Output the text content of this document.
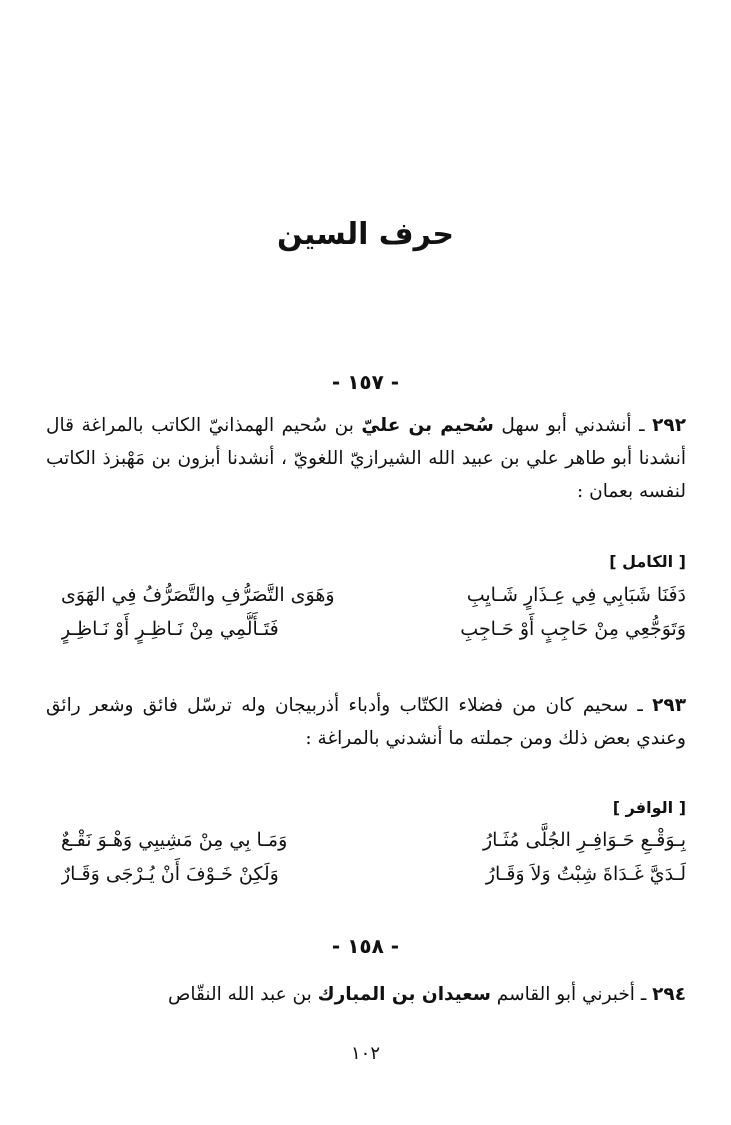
حرف السين
- ١٥٧ -

٢٩٢ ـ أنشدني أبو سهل سُحيم بن عليّ بن سُحيم الهمذانيّ الكاتب بالمراغة قال أنشدنا أبو طاهر علي بن عبيد الله الشيرازيّ اللغويّ ، أنشدنا أبزون بن مَهْبزذ الكاتب لنفسه بعمان :

[ الكامل ]
دَفَنَا شَبَابِي فِي عِـذَارٍ شَـايِبِ
وَهَوَى التَّصَرُّفِ والتَّصَرُّفُ فِي الهَوَى
وَتَوَجُّعِي مِنْ حَاجِبٍ أَوْ حَـاجِبِ
فَتَـأَلُّمِي مِنْ نَـاظِـرٍ أَوْ نَـاظِـرٍ

٢٩٣ ـ سحيم كان من فضلاء الكتّاب وأدباء أذربيجان وله ترسّل فائق وشعر رائق وعندي بعض ذلك ومن جملته ما أنشدني بالمراغة :

[ الوافر ]
بِـوَقْـعِ حَـوَافِـرِ الجُلَّى مُثَـارُ
وَمَـا بِي مِنْ مَشِيبِي وَهْـوَ نَقْـعٌ
لَـدَيَّ غَـدَاةَ شِبْتُ وَلاَ وَقَـارُ
وَلَكِنْ خَـوْفَ أَنْ يُـرْجَى وَقَـارٌ
- ١٥٨ -

٢٩٤ ـ أخبرني أبو القاسم سعيدان بن المبارك بن عبد الله النقّاص

١٠٢
